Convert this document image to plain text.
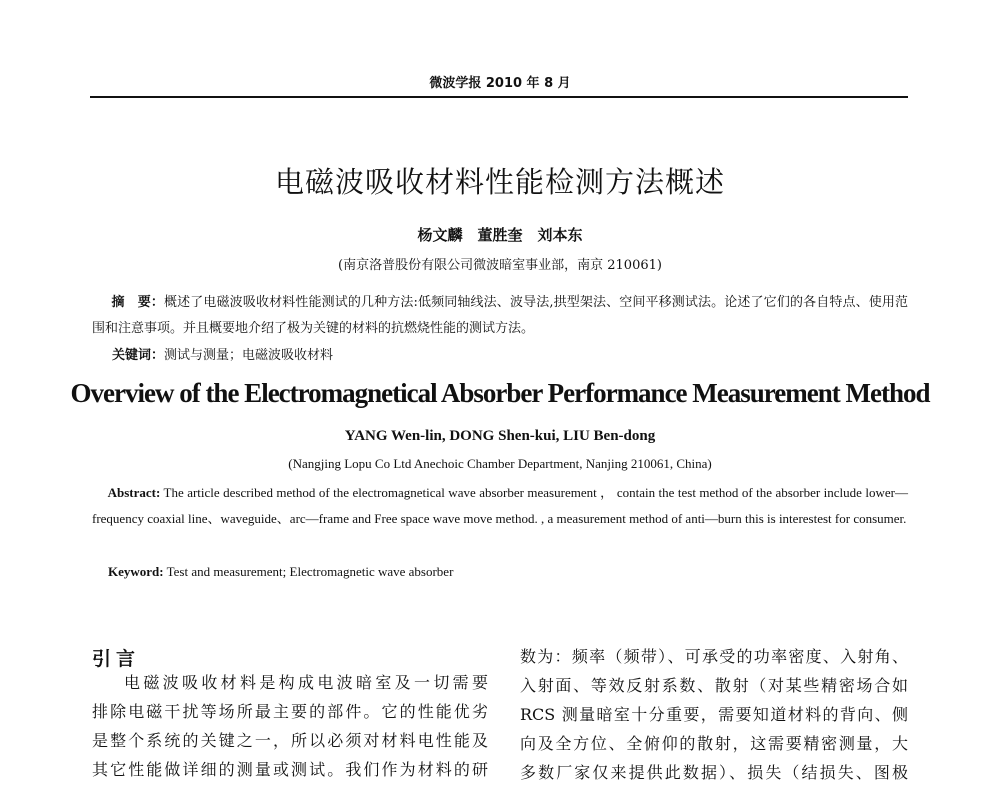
微波学报 2010 年 8 月
电磁波吸收材料性能检测方法概述
杨文麟　董胜奎　刘本东
(南京洛普股份有限公司微波暗室事业部，南京 210061)
摘　要：概述了电磁波吸收材料性能测试的几种方法:低频同轴线法、波导法,拱型架法、空间平移测试法。论述了它们的各自特点、使用范围和注意事项。并且概要地介绍了极为关键的材料的抗燃烧性能的测试方法。
关键词：测试与测量；电磁波吸收材料
Overview of the Electromagnetical Absorber Performance Measurement Method
YANG Wen-lin, DONG Shen-kui, LIU Ben-dong
(Nangjing Lopu Co Ltd Anechoic Chamber Department, Nanjing 210061, China)
Abstract: The article described method of the electromagnetical wave absorber measurement ， contain the test method of the absorber include lower—frequency coaxial line、waveguide、arc—frame and Free space wave move method. , a measurement method of anti—burn this is interestest for consumer.
Keyword: Test and measurement; Electromagnetic wave absorber
引言

电磁波吸收材料是构成电波暗室及一切需要

排除电磁干扰等场所最主要的部件。它的性能优劣

是整个系统的关键之一，所以必须对材料电性能及

其它性能做详细的测量或测试。我们作为材料的研

数为：频率（频带）、可承受的功率密度、入射角、

入射面、等效反射系数、散射（对某些精密场合如

RCS 测量暗室十分重要，需要知道材料的背向、侧

向及全方位、全俯仰的散射，这需要精密测量，大

多数厂家仅来提供此数据）、损失（结损失、图极
